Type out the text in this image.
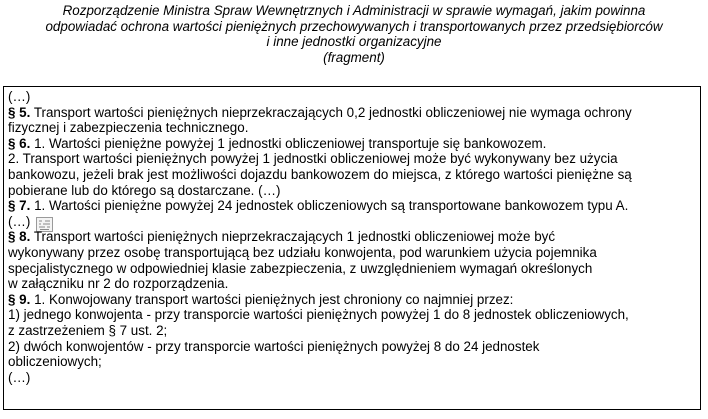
Rozporządzenie Ministra Spraw Wewnętrznych i Administracji w sprawie wymagań, jakim powinna
odpowiadać ochrona wartości pieniężnych przechowywanych i transportowanych przez przedsiębiorców
i inne jednostki organizacyjne
(fragment)
(…)
§ 5. Transport wartości pieniężnych nieprzekraczających 0,2 jednostki obliczeniowej nie wymaga ochrony
fizycznej i zabezpieczenia technicznego.
§ 6. 1. Wartości pieniężne powyżej 1 jednostki obliczeniowej transportuje się bankowozem.
2. Transport wartości pieniężnych powyżej 1 jednostki obliczeniowej może być wykonywany bez użycia
bankowozu, jeżeli brak jest możliwości dojazdu bankowozem do miejsca, z którego wartości pieniężne są
pobierane lub do którego są dostarczane. (…)
§ 7. 1. Wartości pieniężne powyżej 24 jednostek obliczeniowych są transportowane bankowozem typu A.
(…)
§ 8. Transport wartości pieniężnych nieprzekraczających 1 jednostki obliczeniowej może być
wykonywany przez osobę transportującą bez udziału konwojenta, pod warunkiem użycia pojemnika
specjalistycznego w odpowiedniej klasie zabezpieczenia, z uwzględnieniem wymagań określonych
w załączniku nr 2 do rozporządzenia.
§ 9. 1. Konwojowany transport wartości pieniężnych jest chroniony co najmniej przez:
1) jednego konwojenta - przy transporcie wartości pieniężnych powyżej 1 do 8 jednostek obliczeniowych,
z zastrzeżeniem § 7 ust. 2;
2) dwóch konwojentów - przy transporcie wartości pieniężnych powyżej 8 do 24 jednostek
obliczeniowych;
(…)
